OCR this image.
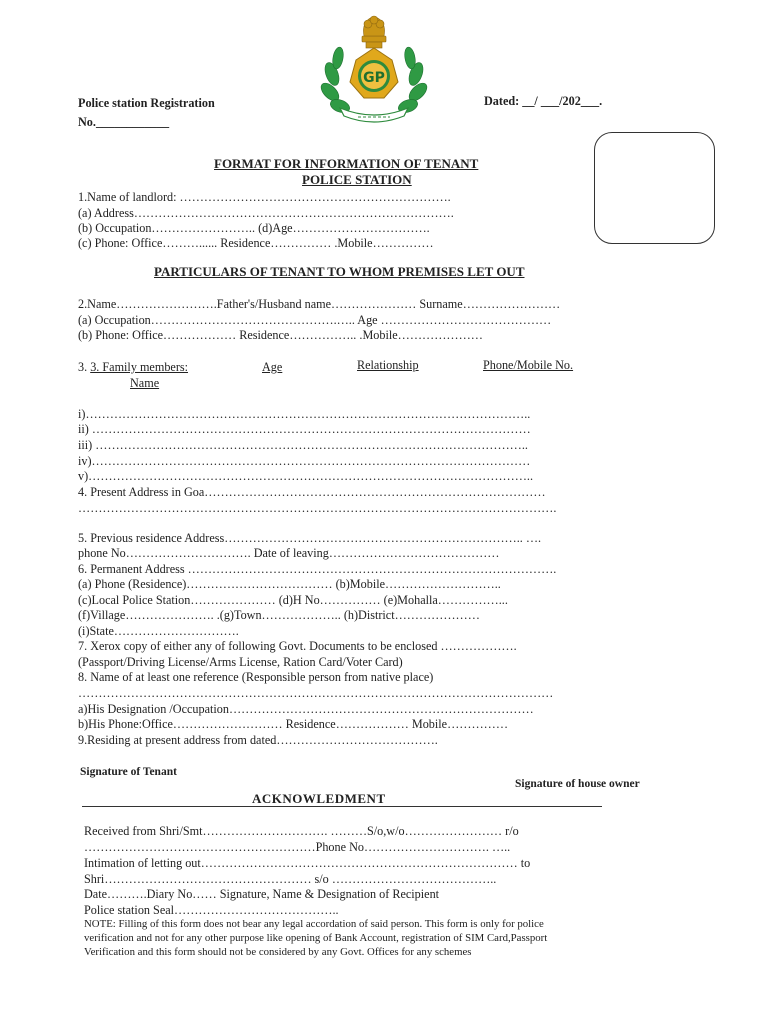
GP
Police station Registration
No.____________
Dated: __/ ___/202___.
FORMAT FOR INFORMATION OF TENANT
POLICE STATION
1.Name of landlord: ………………………………………………………….
(a) Address…………………………………………………………………….
(b) Occupation…………………….. (d)Age…………………………….
(c) Phone: Office………...... Residence…………… .Mobile……………
PARTICULARS OF TENANT TO WHOM PREMISES LET OUT
2.Name…………………….Father's/Husband name………………… Surname……………………
(a) Occupation……………………………………….….. Age ……………………………………
(b) Phone: Office……………… Residence…………….. .Mobile…………………
3. 3. Family members:
Name
Age	Relationship	Phone/Mobile No.
i)………………………………………………………………………………………………..
ii) ………………………………………………………………………………………………
iii) ……………………………………………………………………………………………..
iv)………………………………………………………………………………………………
v)………………………………………………………………………………………………..
4. Present Address in Goa…………………………………………………………………………
……………………………………………………………………………………………………….
5. Previous residence Address……………………………………………………………….. ….
phone No…………………………. Date of leaving……………………………………
6. Permanent Address ……………………………………………………………………………….
(a) Phone (Residence)……………………………… (b)Mobile………………………..
(c)Local Police Station………………… (d)H No…………… (e)Mohalla……………...
(f)Village…………………. .(g)Town……………….. (h)District…………………
(i)State………………………….
7. Xerox copy of either any of following Govt. Documents to be enclosed ……………….
(Passport/Driving License/Arms License, Ration Card/Voter Card)
8. Name of at least one reference (Responsible person from native place)
………………………………………………………………………………………………………
a)His Designation /Occupation…………………………………………………………………
b)His Phone:Office……………………… Residence……………… Mobile……………
9.Residing at present address from dated………………………………….
Signature of Tenant
Signature of house owner
ACKNOWLEDMENT
Received from Shri/Smt…………………………. ………S/o,w/o…………………… r/o
…………………………………………………Phone No…………………………. …..
Intimation of letting out…………………………………………………………………… to
Shri…………………………………………… s/o …………………………………..
Date……….Diary No…… Signature, Name & Designation of Recipient
Police station Seal…………………………………..
NOTE: Filling of this form does not bear any legal accordation of said person. This form is only for police
verification and not for any other purpose like opening of Bank Account, registration of SIM Card,Passport
Verification and this form should not be considered by any Govt. Offices for any schemes
